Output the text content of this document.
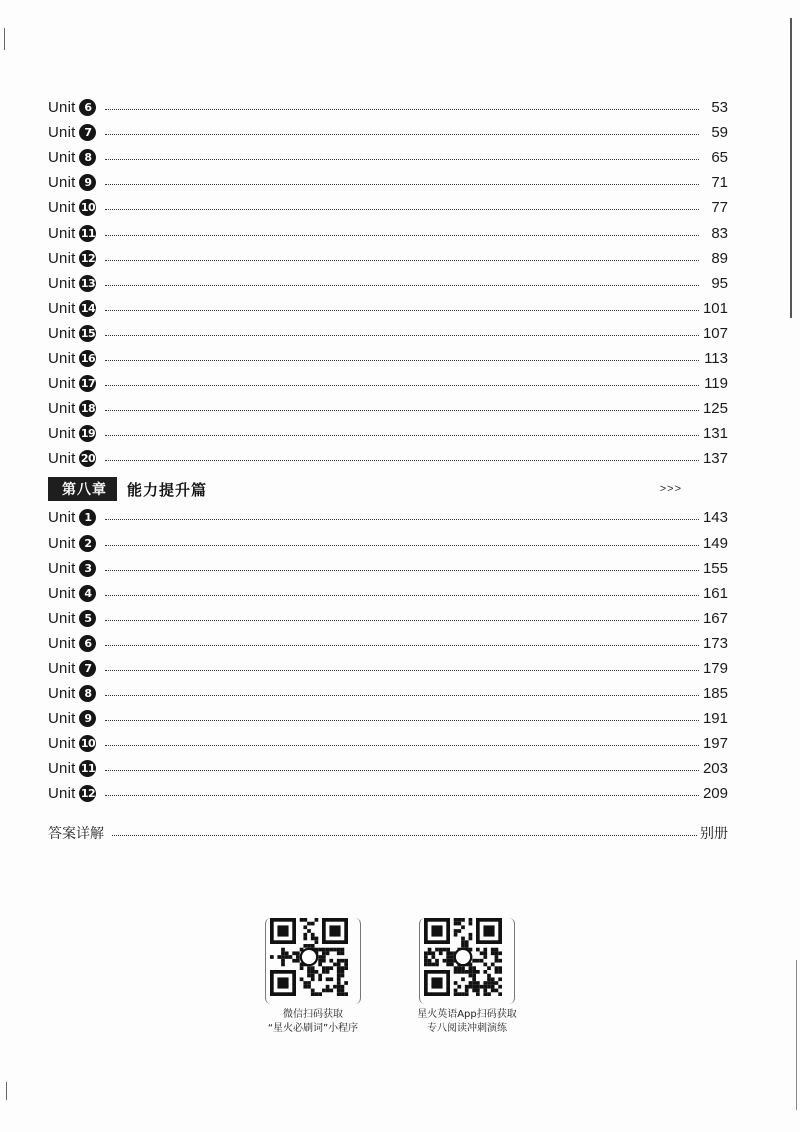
Unit 6	53
Unit 7	59
Unit 8	65
Unit 9	71
Unit 10	77
Unit 11	83
Unit 12	89
Unit 13	95
Unit 14	101
Unit 15	107
Unit 16	113
Unit 17	119
Unit 18	125
Unit 19	131
Unit 20	137
第八章	能力提升篇	>>>
Unit 1	143
Unit 2	149
Unit 3	155
Unit 4	161
Unit 5	167
Unit 6	173
Unit 7	179
Unit 8	185
Unit 9	191
Unit 10	197
Unit 11	203
Unit 12	209
答案详解	别册
微信扫码获取
“星火必刷词”小程序
星火英语App扫码获取
专八阅读冲刺演练
